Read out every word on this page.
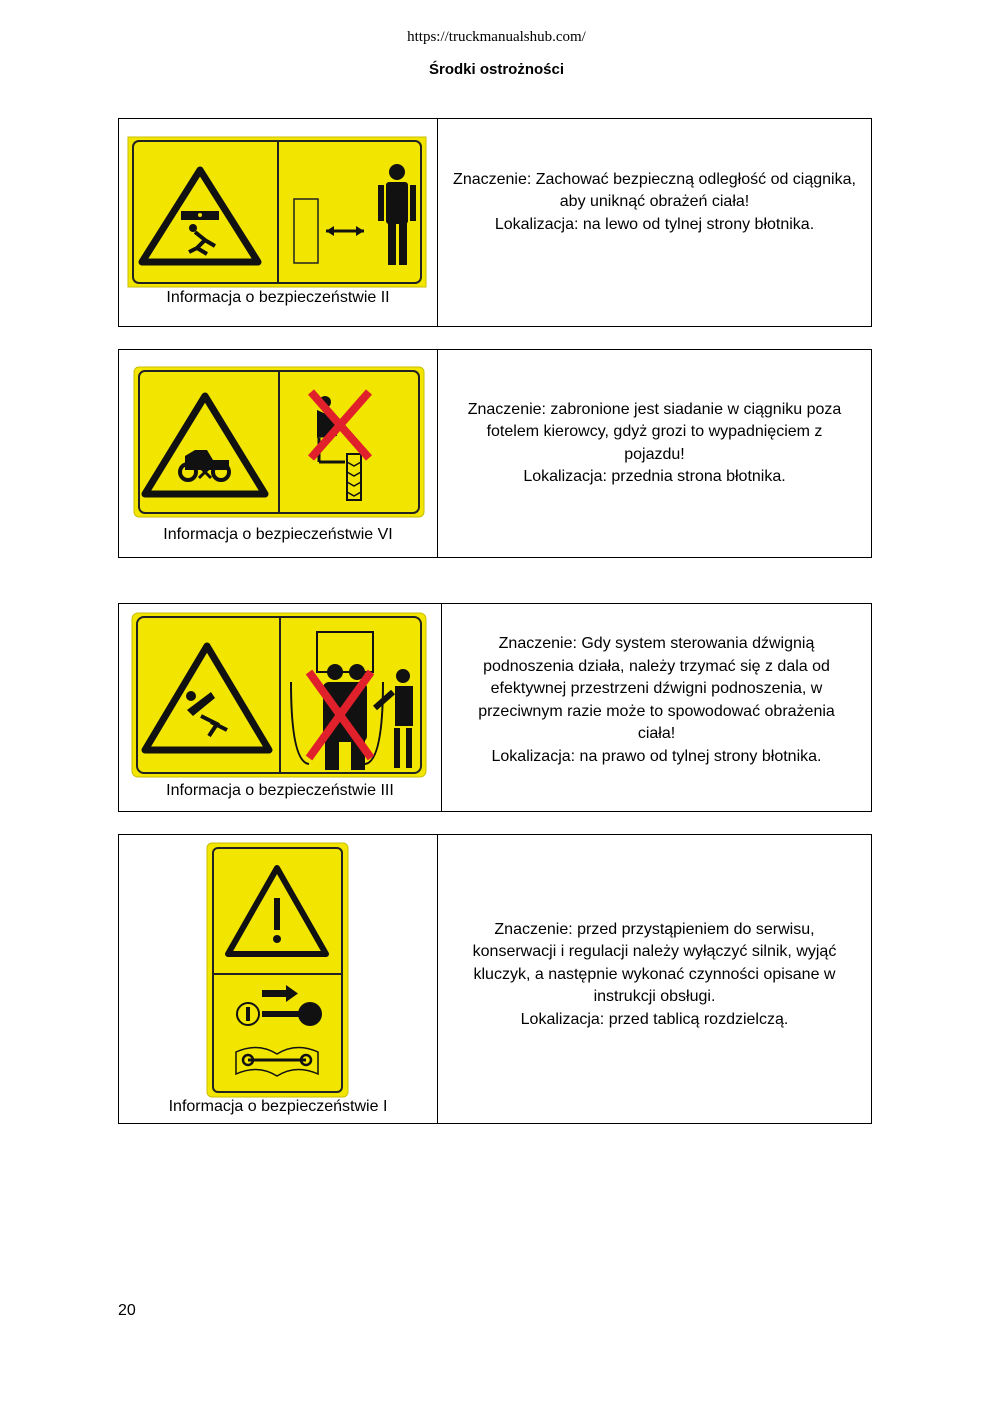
https://truckmanualshub.com/
Środki ostrożności
Informacja o bezpieczeństwie II
Znaczenie: Zachować bezpieczną odległość od ciągnika,
aby uniknąć obrażeń ciała!
Lokalizacja: na lewo od tylnej strony błotnika.
Informacja o bezpieczeństwie VI
Znaczenie: zabronione jest siadanie w ciągniku poza
fotelem kierowcy, gdyż grozi to wypadnięciem z
pojazdu!
Lokalizacja: przednia strona błotnika.
Informacja o bezpieczeństwie III
Znaczenie: Gdy system sterowania dźwignią
podnoszenia działa, należy trzymać się z dala od
efektywnej przestrzeni dźwigni podnoszenia, w
przeciwnym razie może to spowodować obrażenia
ciała!
Lokalizacja: na prawo od tylnej strony błotnika.
Informacja o bezpieczeństwie I
Znaczenie: przed przystąpieniem do serwisu,
konserwacji i regulacji należy wyłączyć silnik, wyjąć
kluczyk, a następnie wykonać czynności opisane w
instrukcji obsługi.
Lokalizacja: przed tablicą rozdzielczą.
20
